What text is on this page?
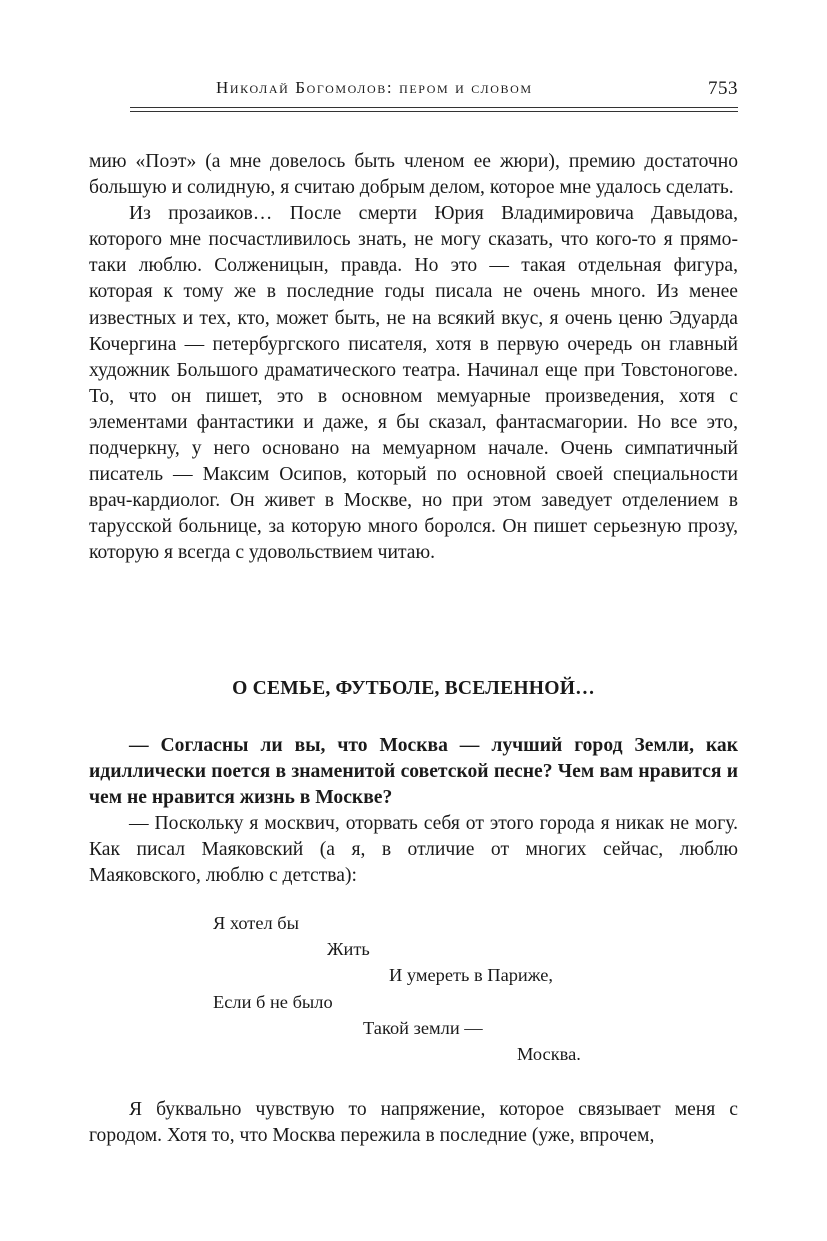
Николай Богомолов: пером и словом	753

мию «Поэт» (а мне довелось быть членом ее жюри), премию достаточно большую и солидную, я считаю добрым делом, которое мне удалось сделать.

Из прозаиков… После смерти Юрия Владимировича Давыдова, которого мне посчастливилось знать, не могу сказать, что кого-то я прямо-таки люблю. Солженицын, правда. Но это — такая отдельная фигура, которая к тому же в последние годы писала не очень много. Из менее известных и тех, кто, может быть, не на всякий вкус, я очень ценю Эдуарда Кочергина — петербургского писателя, хотя в первую очередь он главный художник Большого драматического театра. Начинал еще при Товстоногове. То, что он пишет, это в основном мемуарные произведения, хотя с элементами фантастики и даже, я бы сказал, фантасмагории. Но все это, подчеркну, у него основано на мемуарном начале. Очень симпатичный писатель — Максим Осипов, который по основной своей специальности врач-кардиолог. Он живет в Москве, но при этом заведует отделением в тарусской больнице, за которую много боролся. Он пишет серьезную прозу, которую я всегда с удовольствием читаю.

О СЕМЬЕ, ФУТБОЛЕ, ВСЕЛЕННОЙ…

— Согласны ли вы, что Москва — лучший город Земли, как идиллически поется в знаменитой советской песне? Чем вам нравится и чем не нравится жизнь в Москве?

— Поскольку я москвич, оторвать себя от этого города я никак не могу. Как писал Маяковский (а я, в отличие от многих сейчас, люблю Маяковского, люблю с детства):

Я хотел бы
Жить
И умереть в Париже,
Если б не было
Такой земли —
Москва.

Я буквально чувствую то напряжение, которое связывает меня с городом. Хотя то, что Москва пережила в последние (уже, впрочем,
